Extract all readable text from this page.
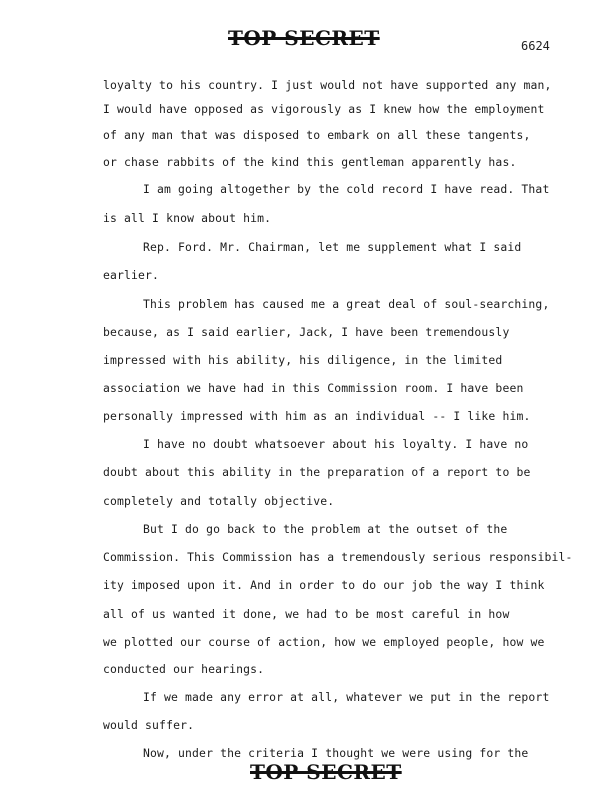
TOP SECRET	6624
loyalty to his country. I just would not have supported any man,
I would have opposed as vigorously as I knew how the employment
of any man that was disposed to embark on all these tangents,
or chase rabbits of the kind this gentleman apparently has.
I am going altogether by the cold record I have read. That
is all I know about him.
Rep. Ford. Mr. Chairman, let me supplement what I said
earlier.
This problem has caused me a great deal of soul-searching,
because, as I said earlier, Jack, I have been tremendously
impressed with his ability, his diligence, in the limited
association we have had in this Commission room. I have been
personally impressed with him as an individual -- I like him.
I have no doubt whatsoever about his loyalty. I have no
doubt about this ability in the preparation of a report to be
completely and totally objective.
But I do go back to the problem at the outset of the
Commission. This Commission has a tremendously serious responsibil-
ity imposed upon it. And in order to do our job the way I think
all of us wanted it done, we had to be most careful in how
we plotted our course of action, how we employed people, how we
conducted our hearings.
If we made any error at all, whatever we put in the report
would suffer.
Now, under the criteria I thought we were using for the
TOP SECRET
